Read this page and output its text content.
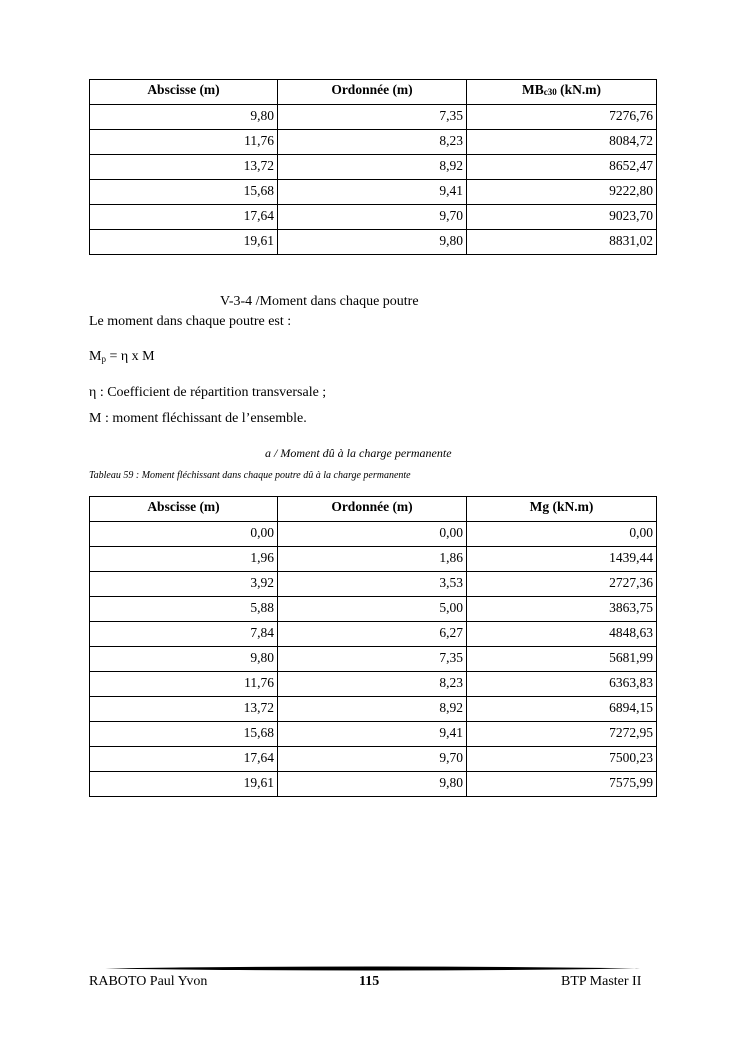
Abscisse (m)	Ordonnée (m)	$MB_{c30}$ (kN.m)
9,80	7,35	7276,76
11,76	8,23	8084,72
13,72	8,92	8652,47
15,68	9,41	9222,80
17,64	9,70	9023,70
19,61	9,80	8831,02
V-3-4 /Moment dans chaque poutre
Le moment dans chaque poutre est :
$M_p = \eta$ x M
η : Coefficient de répartition transversale ;
M : moment fléchissant de l’ensemble.
a / Moment dû à la charge permanente
Tableau 59 : Moment fléchissant dans chaque poutre dû à la charge permanente
Abscisse (m)	Ordonnée (m)	Mg (kN.m)
0,00	0,00	0,00
1,96	1,86	1439,44
3,92	3,53	2727,36
5,88	5,00	3863,75
7,84	6,27	4848,63
9,80	7,35	5681,99
11,76	8,23	6363,83
13,72	8,92	6894,15
15,68	9,41	7272,95
17,64	9,70	7500,23
19,61	9,80	7575,99
RABOTO Paul Yvon	115	BTP Master II
